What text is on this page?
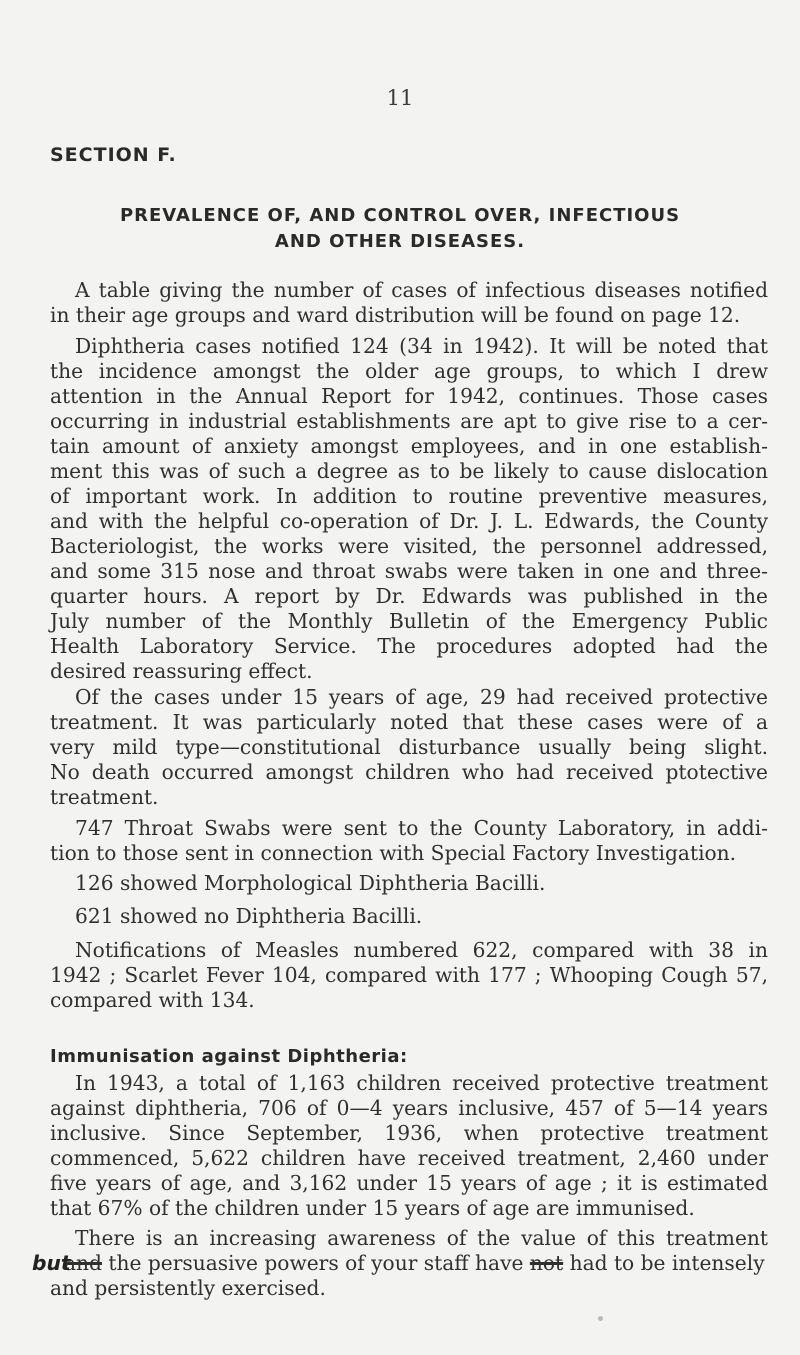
11
SECTION F.
PREVALENCE OF, AND CONTROL OVER, INFECTIOUS
AND OTHER DISEASES.
A table giving the number of cases of infectious diseases notified
in their age groups and ward distribution will be found on page 12.
Diphtheria cases notified 124 (34 in 1942). It will be noted that
the incidence amongst the older age groups, to which I drew
attention in the Annual Report for 1942, continues. Those cases
occurring in industrial establishments are apt to give rise to a cer-
tain amount of anxiety amongst employees, and in one establish-
ment this was of such a degree as to be likely to cause dislocation
of important work. In addition to routine preventive measures,
and with the helpful co-operation of Dr. J. L. Edwards, the County
Bacteriologist, the works were visited, the personnel addressed,
and some 315 nose and throat swabs were taken in one and three-
quarter hours. A report by Dr. Edwards was published in the
July number of the Monthly Bulletin of the Emergency Public
Health Laboratory Service. The procedures adopted had the
desired reassuring effect.
Of the cases under 15 years of age, 29 had received protective
treatment. It was particularly noted that these cases were of a
very mild type—constitutional disturbance usually being slight.
No death occurred amongst children who had received ptotective
treatment.
747 Throat Swabs were sent to the County Laboratory, in addi-
tion to those sent in connection with Special Factory Investigation.
126 showed Morphological Diphtheria Bacilli.
621 showed no Diphtheria Bacilli.
Notifications of Measles numbered 622, compared with 38 in
1942 ; Scarlet Fever 104, compared with 177 ; Whooping Cough 57,
compared with 134.
Immunisation against Diphtheria:
In 1943, a total of 1,163 children received protective treatment
against diphtheria, 706 of 0—4 years inclusive, 457 of 5—14 years
inclusive. Since September, 1936, when protective treatment
commenced, 5,622 children have received treatment, 2,460 under
five years of age, and 3,162 under 15 years of age ; it is estimated
that 67% of the children under 15 years of age are immunised.
There is an increasing awareness of the value of this treatment
but
and the persuasive powers of your staff have not had to be intensely
and persistently exercised.
